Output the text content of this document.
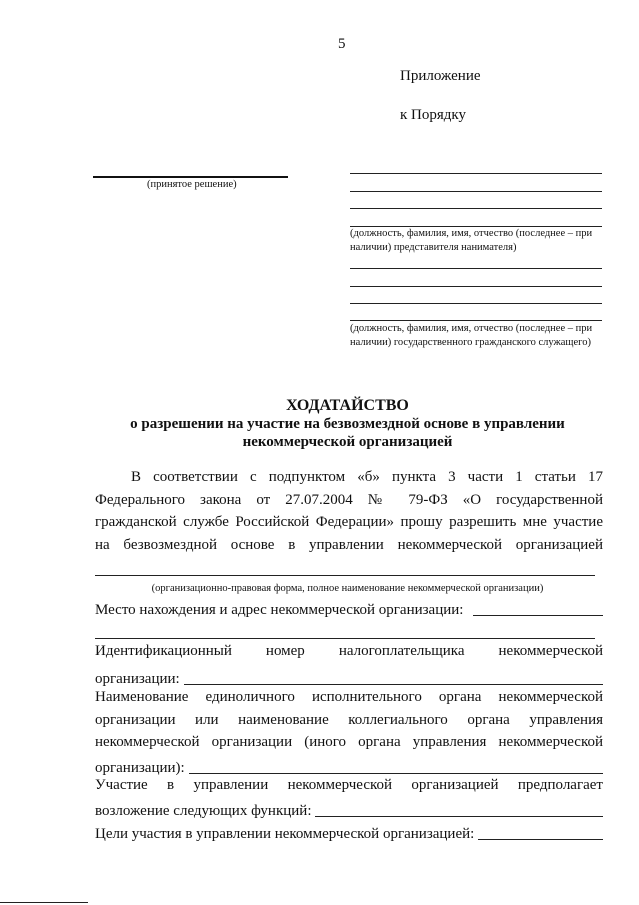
5
Приложение
к Порядку
(принятое решение)
(должность, фамилия, имя, отчество (последнее – при наличии) представителя нанимателя)
(должность, фамилия, имя, отчество (последнее – при наличии) государственного гражданского служащего)
ХОДАТАЙСТВО
о разрешении на участие на безвозмездной основе в управлении
некоммерческой организацией
В соответствии с подпунктом «б» пункта 3 части 1 статьи 17
Федерального закона от 27.07.2004 № 79-ФЗ «О государственной
гражданской службе Российской Федерации» прошу разрешить мне участие
на безвозмездной основе в управлении некоммерческой организацией
(организационно-правовая форма, полное наименование некоммерческой организации)
Место нахождения и адрес некоммерческой организации:
Идентификационный номер налогоплательщика некоммерческой
организации:
Наименование единоличного исполнительного органа некоммерческой
организации или наименование коллегиального органа управления
некоммерческой организации (иного органа управления некоммерческой
организации):
Участие в управлении некоммерческой организацией предполагает
возложение следующих функций:
Цели участия в управлении некоммерческой организацией:
